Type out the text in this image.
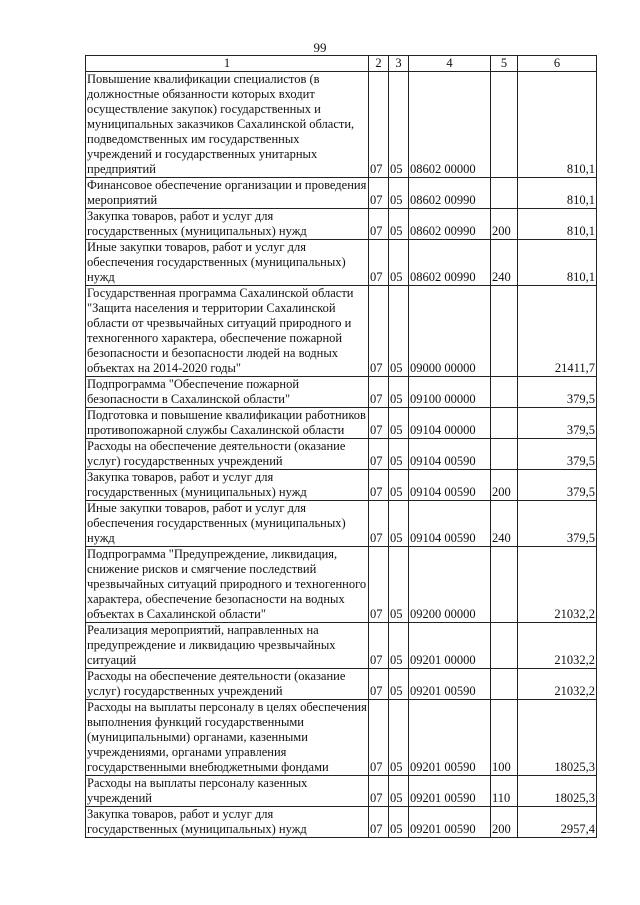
99
1	2	3	4	5	6
Повышение квалификации специалистов (в должностные обязанности которых входит осуществление закупок) государственных и муниципальных заказчиков Сахалинской области, подведомственных им государственных учреждений и государственных унитарных предприятий	07	05	08602 00000		810,1
Финансовое обеспечение организации и проведения мероприятий	07	05	08602 00990		810,1
Закупка товаров, работ и услуг для государственных (муниципальных) нужд	07	05	08602 00990	200	810,1
Иные закупки товаров, работ и услуг для обеспечения государственных (муниципальных) нужд	07	05	08602 00990	240	810,1
Государственная программа Сахалинской области "Защита населения и территории Сахалинской области от чрезвычайных ситуаций природного и техногенного характера, обеспечение пожарной безопасности и безопасности людей на водных объектах на 2014-2020 годы"	07	05	09000 00000		21411,7
Подпрограмма "Обеспечение пожарной безопасности в Сахалинской области"	07	05	09100 00000		379,5
Подготовка и повышение квалификации работников противопожарной службы Сахалинской области	07	05	09104 00000		379,5
Расходы на обеспечение деятельности (оказание услуг) государственных учреждений	07	05	09104 00590		379,5
Закупка товаров, работ и услуг для государственных (муниципальных) нужд	07	05	09104 00590	200	379,5
Иные закупки товаров, работ и услуг для обеспечения государственных (муниципальных) нужд	07	05	09104 00590	240	379,5
Подпрограмма "Предупреждение, ликвидация, снижение рисков и смягчение последствий чрезвычайных ситуаций природного и техногенного характера, обеспечение безопасности на водных объектах в Сахалинской области"	07	05	09200 00000		21032,2
Реализация мероприятий, направленных на предупреждение и ликвидацию чрезвычайных ситуаций	07	05	09201 00000		21032,2
Расходы на обеспечение деятельности (оказание услуг) государственных учреждений	07	05	09201 00590		21032,2
Расходы на выплаты персоналу в целях обеспечения выполнения функций государственными (муниципальными) органами, казенными учреждениями, органами управления государственными внебюджетными фондами	07	05	09201 00590	100	18025,3
Расходы на выплаты персоналу казенных учреждений	07	05	09201 00590	110	18025,3
Закупка товаров, работ и услуг для государственных (муниципальных) нужд	07	05	09201 00590	200	2957,4
